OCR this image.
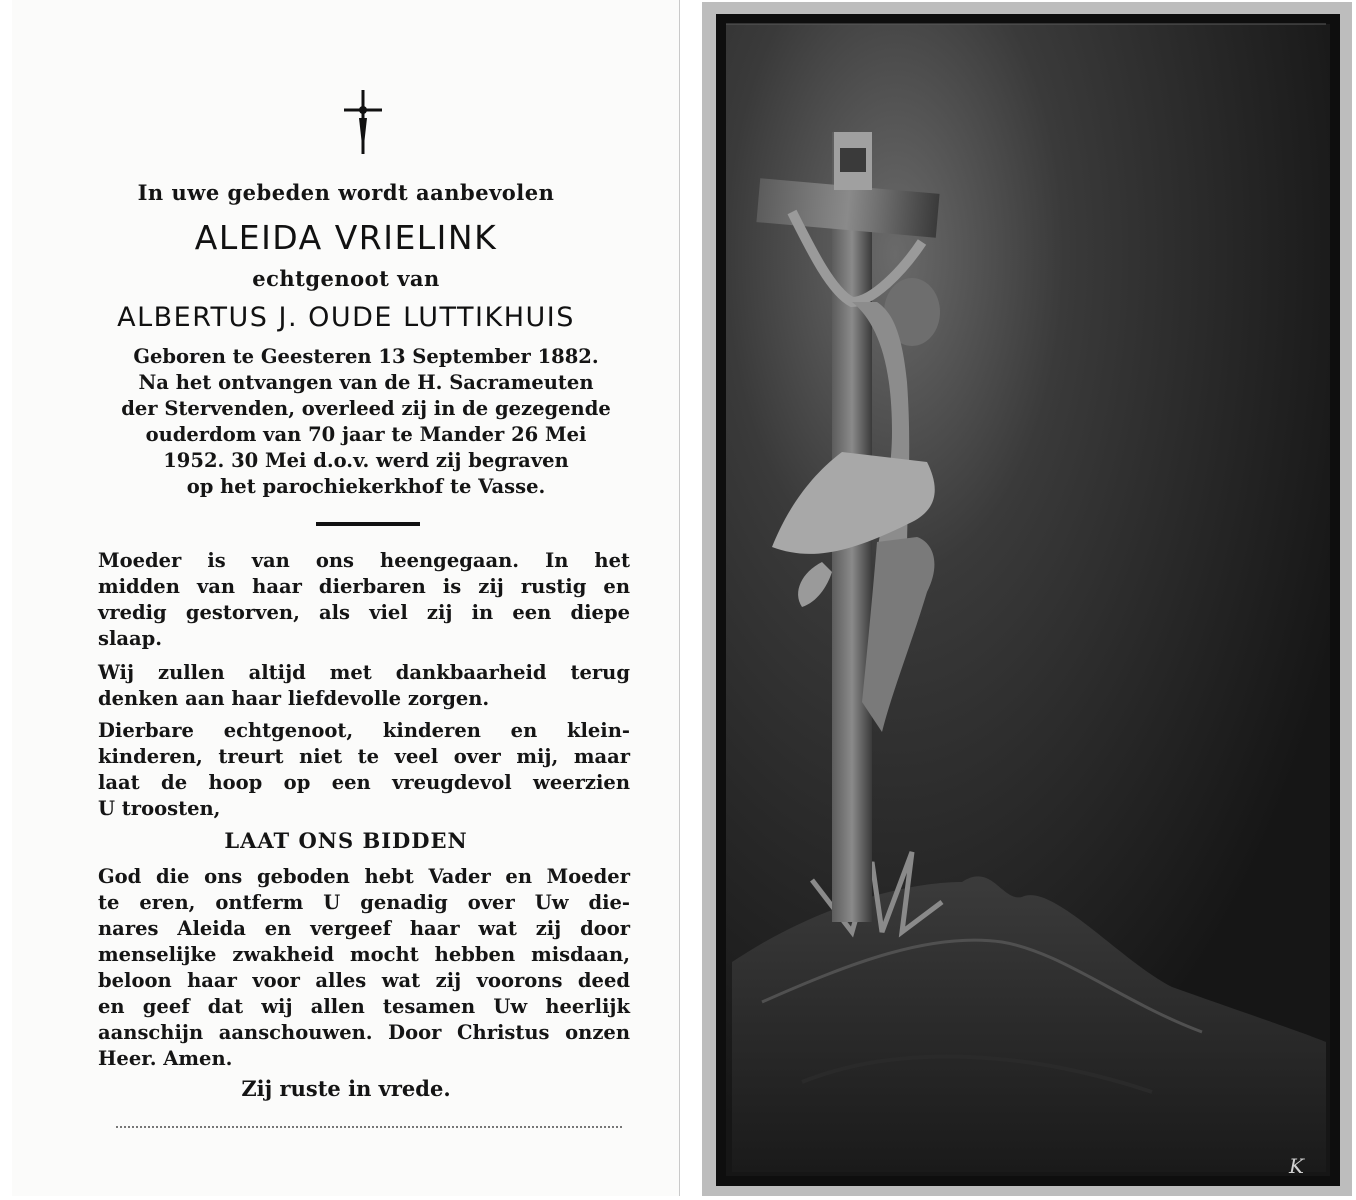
In uwe gebeden wordt aanbevolen
ALEIDA VRIELINK
echtgenoot van
ALBERTUS J. OUDE LUTTIKHUIS
Geboren te Geesteren 13 September 1882.
Na het ontvangen van de H. Sacrameuten
der Stervenden, overleed zij in de gezegende
ouderdom van 70 jaar te Mander 26 Mei
1952. 30 Mei d.o.v. werd zij begraven
op het parochiekerkhof te Vasse.
Moeder is van ons heengegaan. In het
midden van haar dierbaren is zij rustig en
vredig gestorven, als viel zij in een diepe
slaap.
Wij zullen altijd met dankbaarheid terug
denken aan haar liefdevolle zorgen.
Dierbare echtgenoot, kinderen en klein-
kinderen, treurt niet te veel over mij, maar
laat de hoop op een vreugdevol weerzien
U troosten,
LAAT ONS BIDDEN
God die ons geboden hebt Vader en Moeder
te eren, ontferm U genadig over Uw die-
nares Aleida en vergeef haar wat zij door
menselijke zwakheid mocht hebben misdaan,
beloon haar voor alles wat zij voorons deed
en geef dat wij allen tesamen Uw heerlijk
aanschijn aanschouwen. Door Christus onzen
Heer. Amen.
Zij ruste in vrede.
K
